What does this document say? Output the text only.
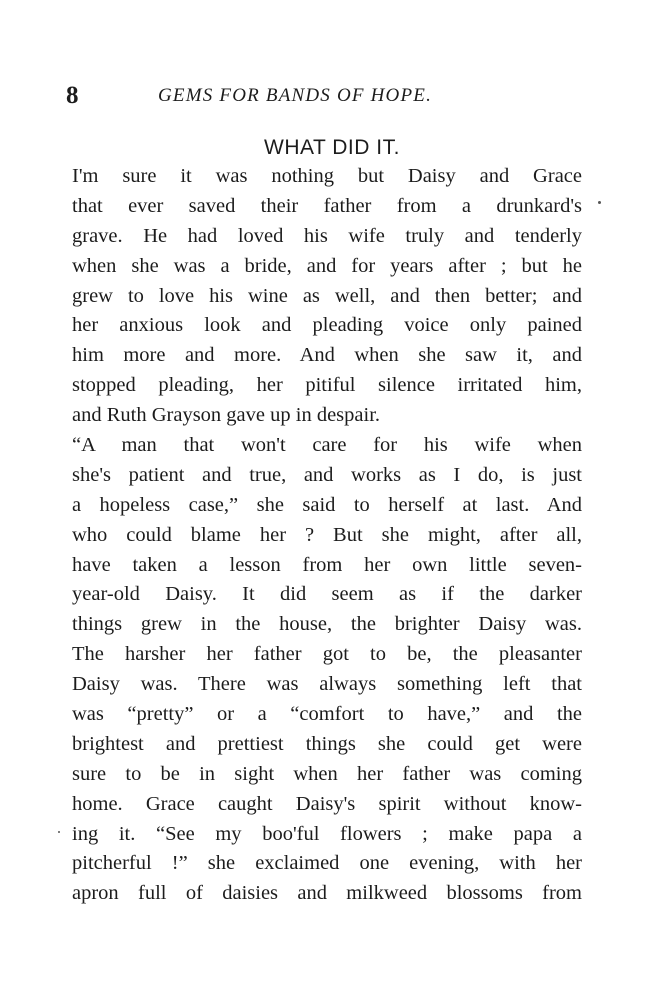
8	GEMS FOR BANDS OF HOPE.
WHAT DID IT.
I'm sure it was nothing but Daisy and Grace
that ever saved their father from a drunkard's
grave. He had loved his wife truly and tenderly
when she was a bride, and for years after ; but he
grew to love his wine as well, and then better; and
her anxious look and pleading voice only pained
him more and more. And when she saw it, and
stopped pleading, her pitiful silence irritated him,
and Ruth Grayson gave up in despair.
“A man that won't care for his wife when
she's patient and true, and works as I do, is just
a hopeless case,” she said to herself at last. And
who could blame her ? But she might, after all,
have taken a lesson from her own little seven-
year-old Daisy. It did seem as if the darker
things grew in the house, the brighter Daisy was.
The harsher her father got to be, the pleasanter
Daisy was. There was always something left that
was “pretty” or a “comfort to have,” and the
brightest and prettiest things she could get were
sure to be in sight when her father was coming
home. Grace caught Daisy's spirit without know-
ing it. “See my boo'ful flowers ; make papa a
pitcherful !” she exclaimed one evening, with her
apron full of daisies and milkweed blossoms from
